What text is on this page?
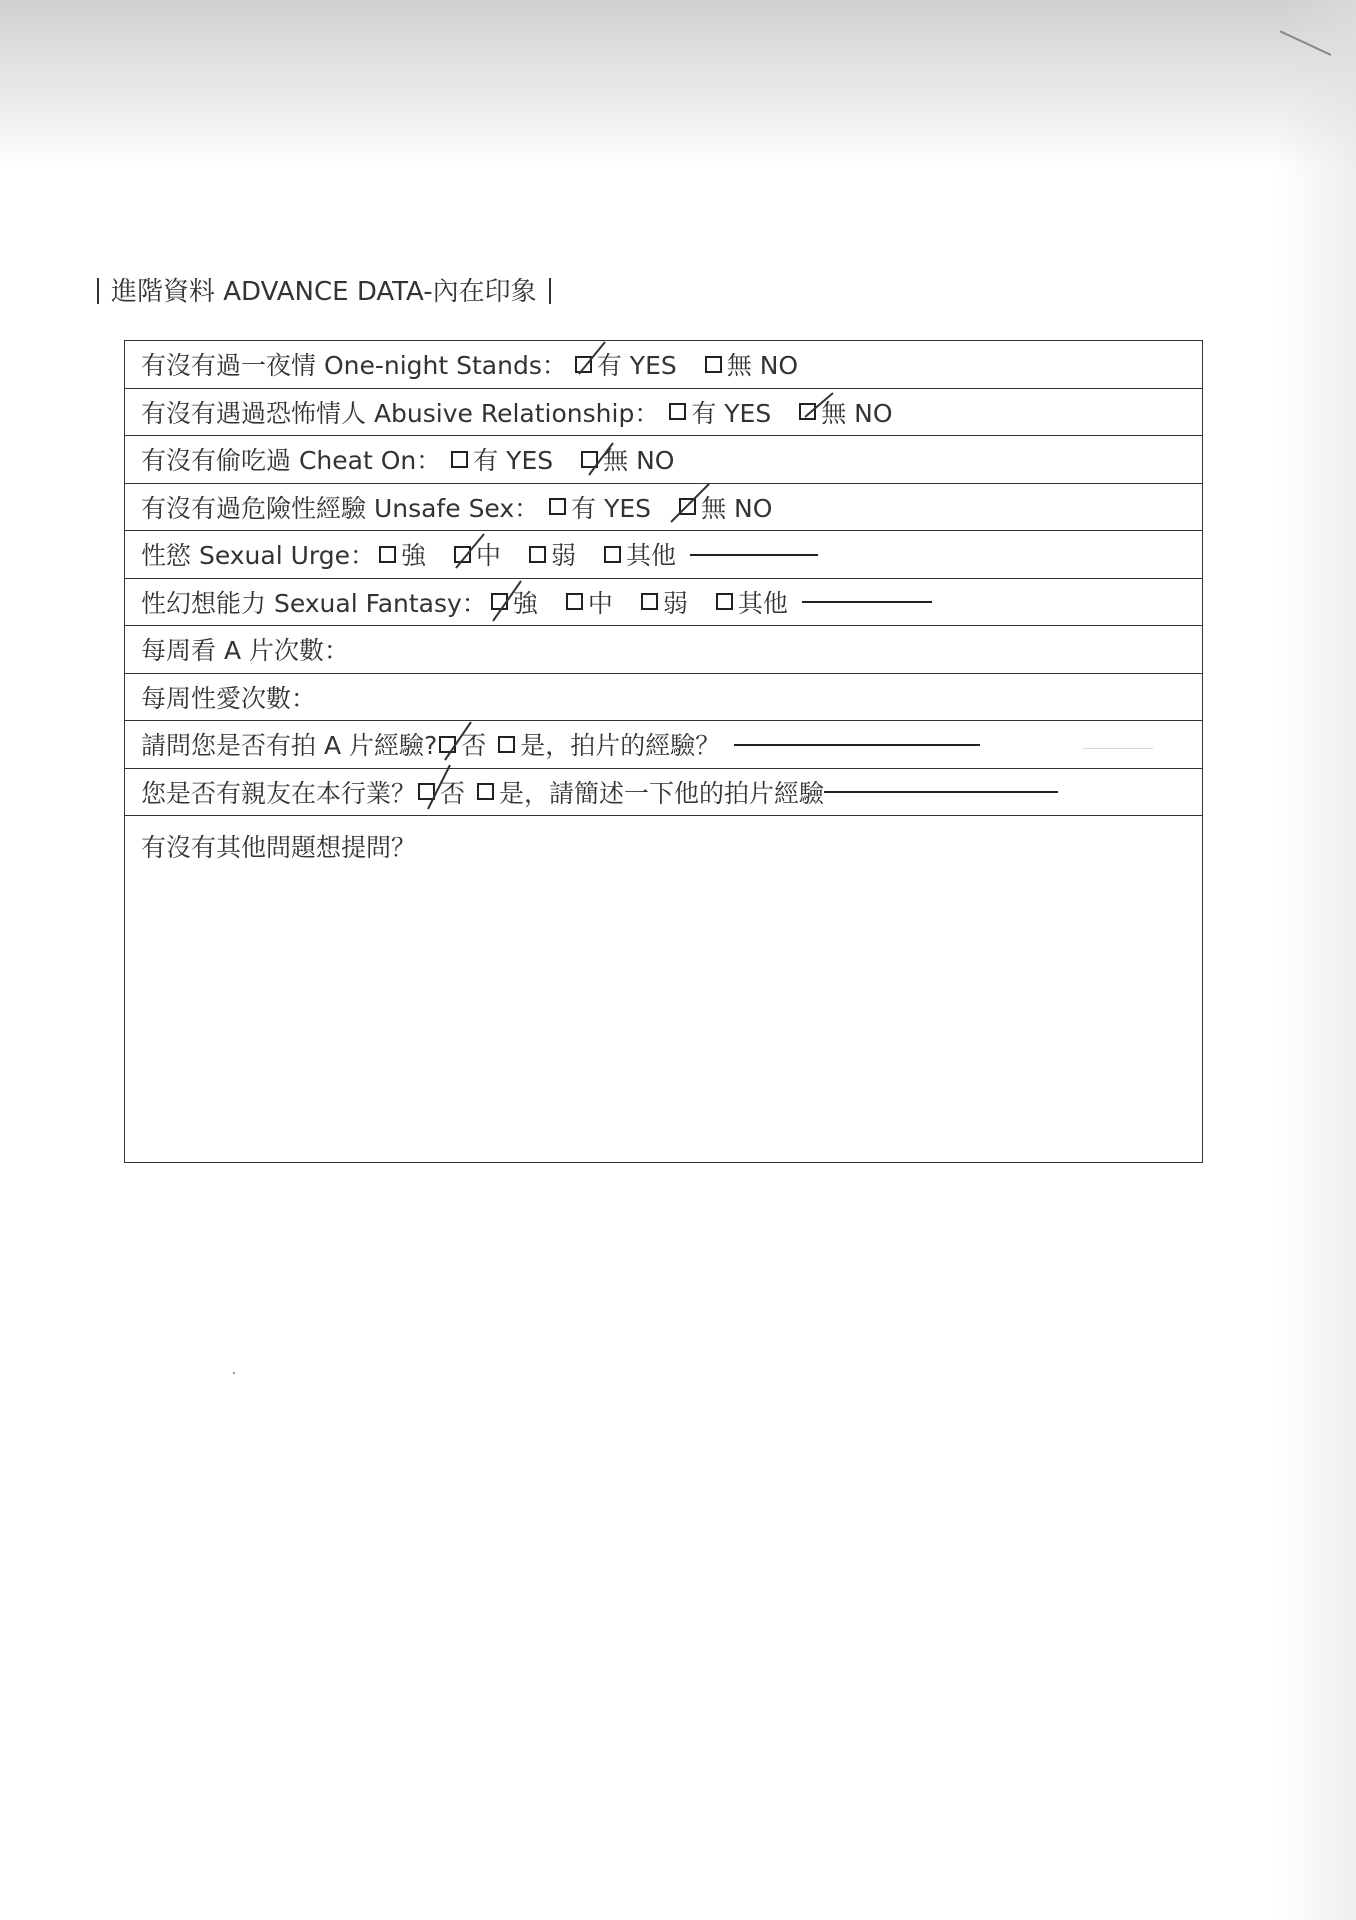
進階資料 ADVANCE DATA-內在印象
有沒有過一夜情 One-night Stands： 有 YES 無 NO
有沒有遇過恐怖情人 Abusive Relationship： 有 YES 無 NO
有沒有偷吃過 Cheat On： 有 YES 無 NO
有沒有過危險性經驗 Unsafe Sex： 有 YES 無 NO
性慾 Sexual Urge： 強 中 弱 其他
性幻想能力 Sexual Fantasy： 強 中 弱 其他
每周看 A 片次數：
每周性愛次數：
請問您是否有拍 A 片經驗? 否 是，拍片的經驗？
您是否有親友在本行業？ 否 是，請簡述一下他的拍片經驗
有沒有其他問題想提問？
